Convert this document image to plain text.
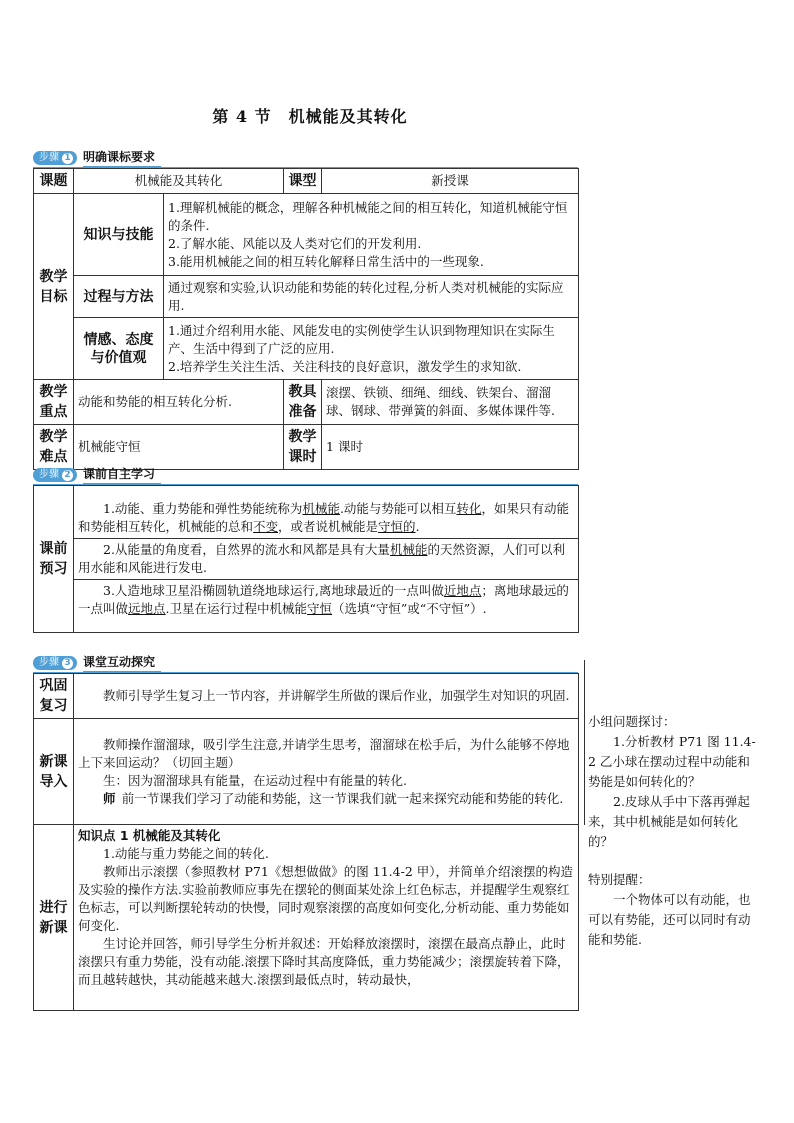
第 4 节　机械能及其转化
步骤 1 明确课标要求
课题	机械能及其转化		课型	新授课
教学目标	知识与技能	1.理解机械能的概念，理解各种机械能之间的相互转化，知道机械能守恒的条件.
2.了解水能、风能以及人类对它们的开发利用.
3.能用机械能之间的相互转化解释日常生活中的一些现象.		

	过程与方法	通过观察和实验,认识动能和势能的转化过程,分析人类对机械能的实际应用.		
	情感、态度与价值观	1.通过介绍利用水能、风能发电的实例使学生认识到物理知识在实际生产、生活中得到了广泛的应用.
2.培养学生关注生活、关注科技的良好意识，激发学生的求知欲.		

教学重点	动能和势能的相互转化分析.		教具准备	滚摆、铁锁、细绳、细线、铁架台、溜溜球、钢球、带弹簧的斜面、多媒体课件等.
教学难点	机械能守恒		教学课时	1 课时
步骤 2 课前自主学习
课前预习	
1.动能、重力势能和弹性势能统称为机械能.动能与势能可以相互转化，如果只有动能和势能相互转化，机械能的总和不变，或者说机械能是守恒的.
2.从能量的角度看，自然界的流水和风都是具有大量机械能的天然资源，人们可以利用水能和风能进行发电.
3.人造地球卫星沿椭圆轨道绕地球运行,离地球最近的一点叫做近地点；离地球最远的一点叫做远地点.卫星在运行过程中机械能守恒（选填“守恒”或“不守恒”）.
步骤 3 课堂互动探究
巩固复习	教师引导学生复习上一节内容，并讲解学生所做的课后作业，加强学生对知识的巩固.
新课导入	教师操作溜溜球，吸引学生注意,并请学生思考，溜溜球在松手后，为什么能够不停地上下来回运动？（切回主题）
生：因为溜溜球具有能量，在运动过程中有能量的转化.
师  前一节课我们学习了动能和势能，这一节课我们就一起来探究动能和势能的转化.

进行新课	知识点 1 机械能及其转化
1.动能与重力势能之间的转化.
教师出示滚摆（参照教材 P71《想想做做》的图 11.4-2 甲），并简单介绍滚摆的构造及实验的操作方法.实验前教师应事先在摆轮的侧面某处涂上红色标志，并提醒学生观察红色标志，可以判断摆轮转动的快慢，同时观察滚摆的高度如何变化,分析动能、重力势能如何变化.
生讨论并回答，师引导学生分析并叙述：开始释放滚摆时，滚摆在最高点静止，此时滚摆只有重力势能，没有动能.滚摆下降时其高度降低，重力势能减少；滚摆旋转着下降，而且越转越快，其动能越来越大.滚摆到最低点时，转动最快，

小组问题探讨：

1.分析教材 P71 图 11.4-2 乙小球在摆动过程中动能和势能是如何转化的？

2.皮球从手中下落再弹起来，其中机械能是如何转化的？

特别提醒：

一个物体可以有动能，也可以有势能，还可以同时有动能和势能.
